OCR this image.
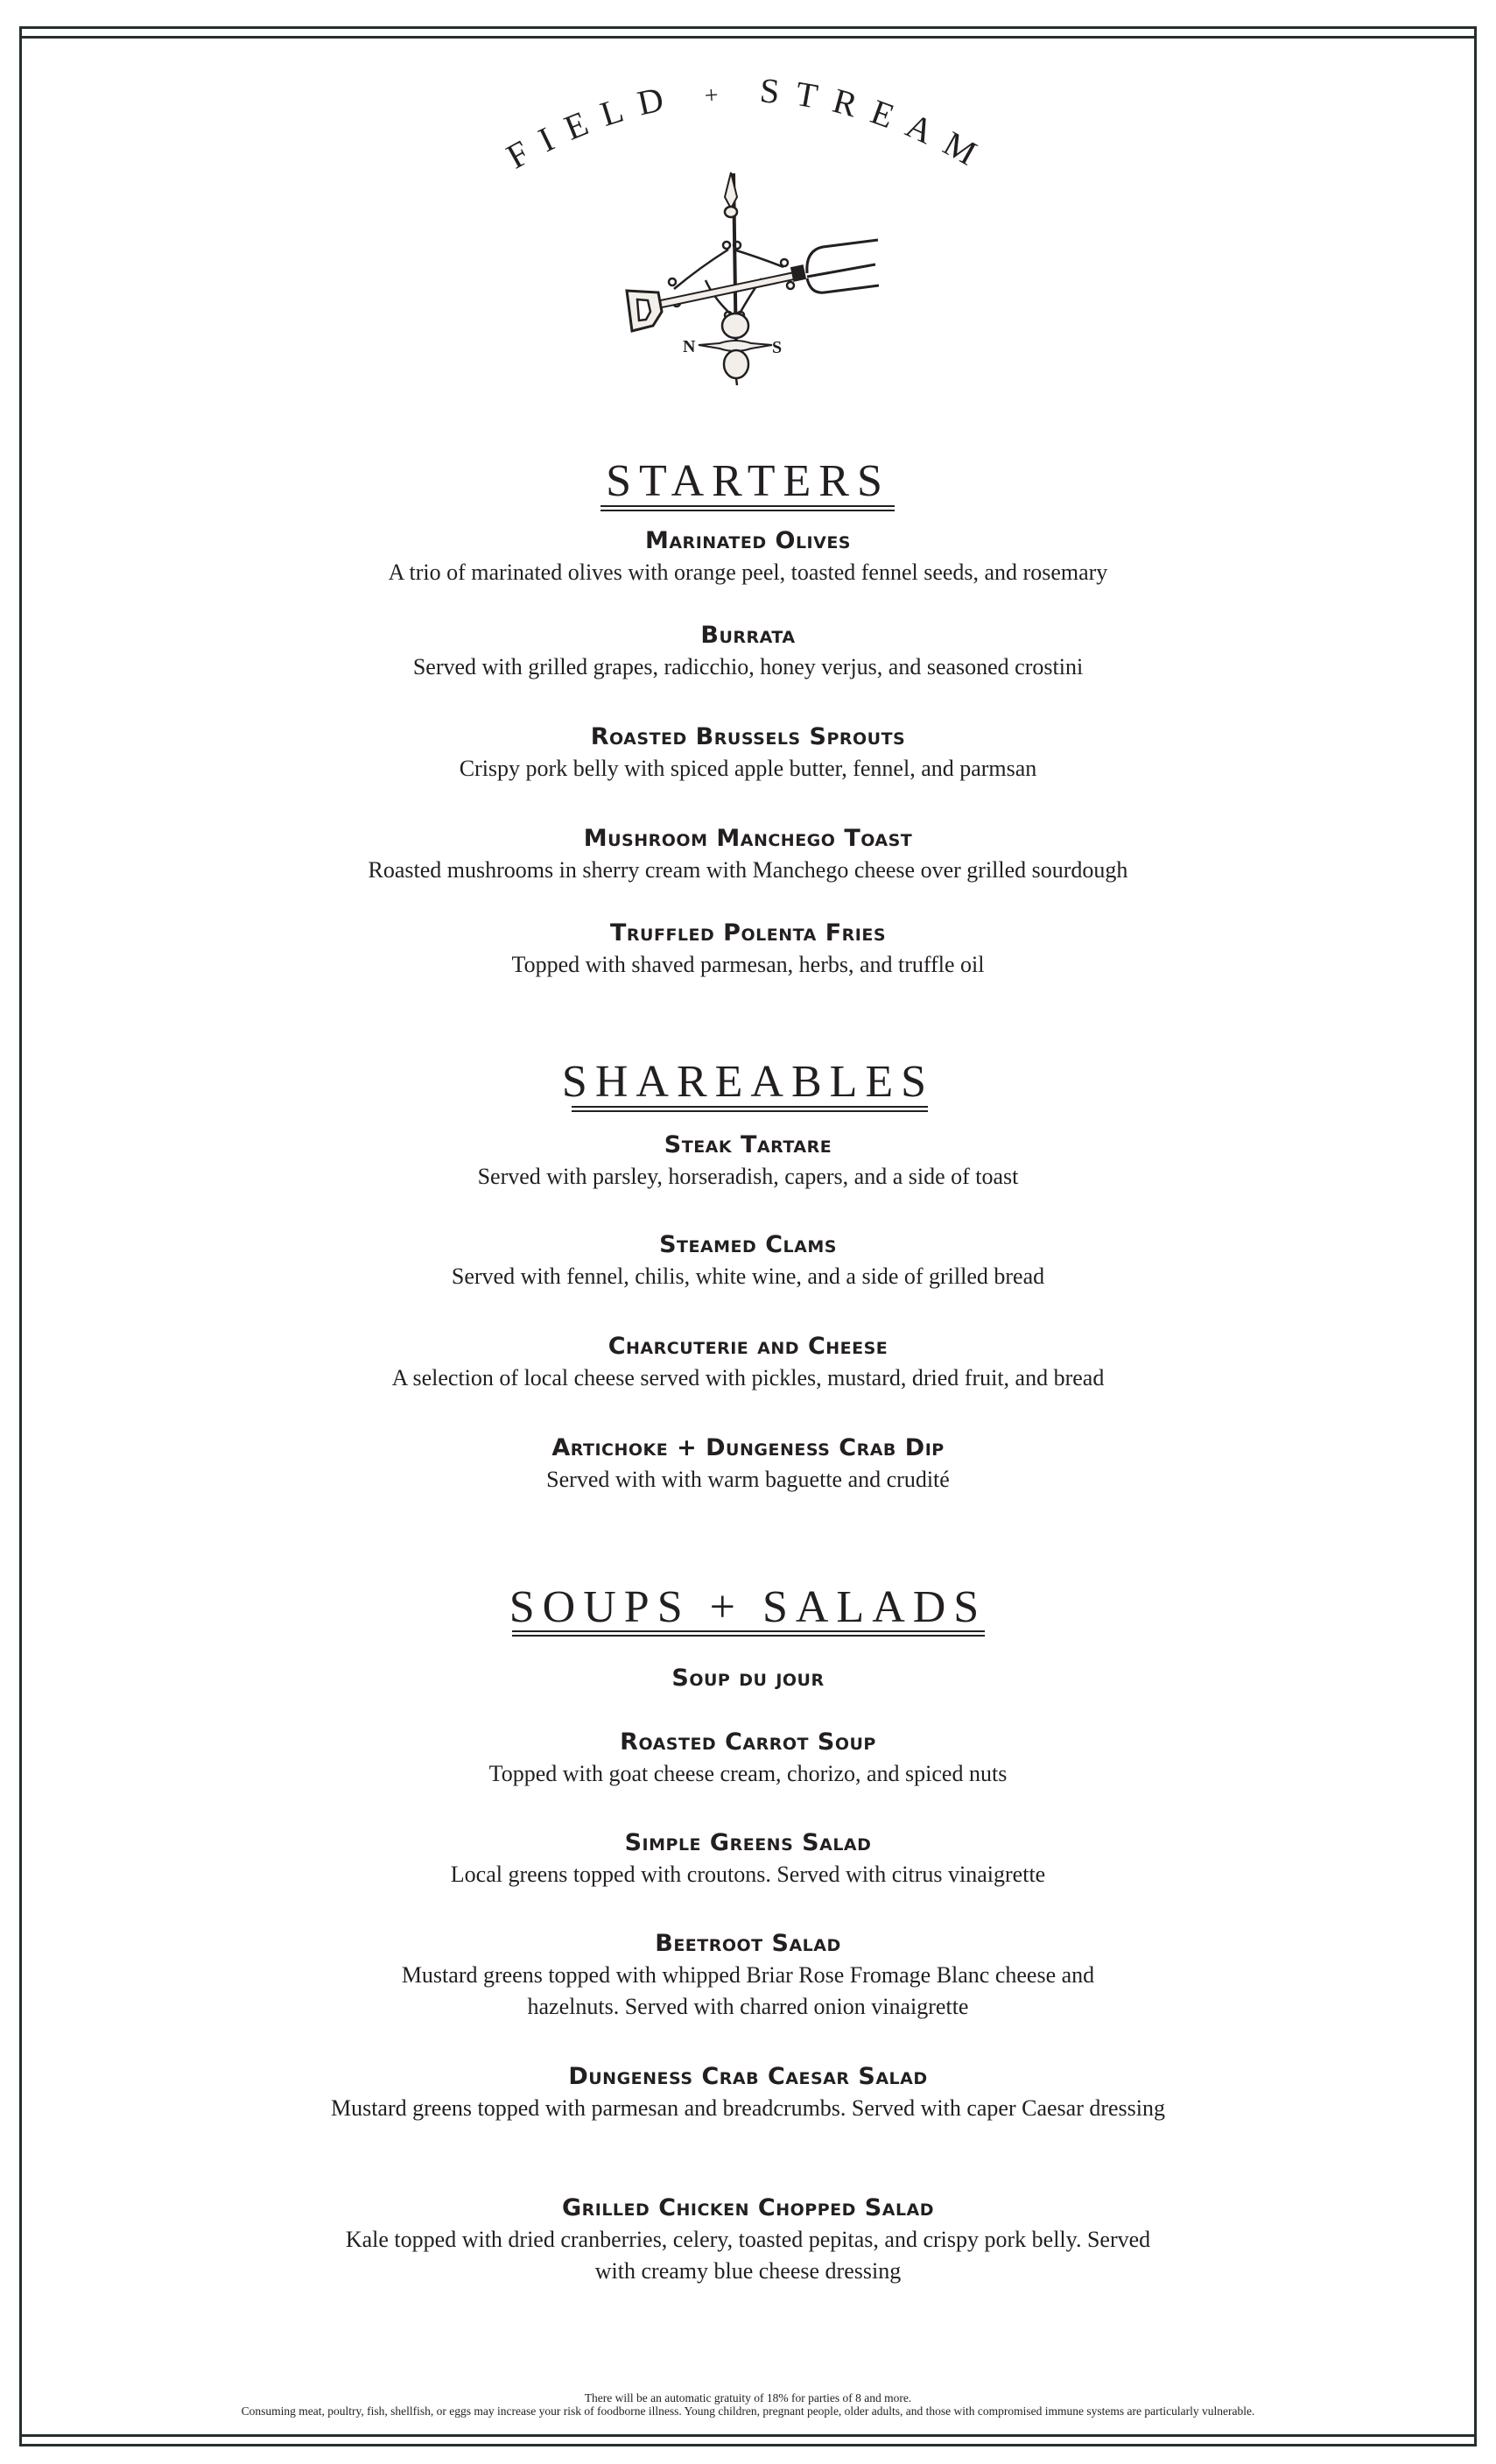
FIELD + STREAM
N	S
STARTERS
Marinated Olives
A trio of marinated olives with orange peel, toasted fennel seeds, and rosemary
Burrata
Served with grilled grapes, radicchio, honey verjus, and seasoned crostini
Roasted Brussels Sprouts
Crispy pork belly with spiced apple butter, fennel, and parmsan
Mushroom Manchego Toast
Roasted mushrooms in sherry cream with Manchego cheese over grilled sourdough
Truffled Polenta Fries
Topped with shaved parmesan, herbs, and truffle oil
SHAREABLES
Steak Tartare
Served with parsley, horseradish, capers, and a side of toast
Steamed Clams
Served with fennel, chilis, white wine, and a side of grilled bread
Charcuterie and Cheese
A selection of local cheese served with pickles, mustard, dried fruit, and bread
Artichoke + Dungeness Crab Dip
Served with with warm baguette and crudité
SOUPS + SALADS
Soup du jour
Roasted Carrot Soup
Topped with goat cheese cream, chorizo, and spiced nuts
Simple Greens Salad
Local greens topped with croutons. Served with citrus vinaigrette
Beetroot Salad
Mustard greens topped with whipped Briar Rose Fromage Blanc cheese and hazelnuts. Served with charred onion vinaigrette
Dungeness Crab Caesar Salad
Mustard greens topped with parmesan and breadcrumbs. Served with caper Caesar dressing
Grilled Chicken Chopped Salad
Kale topped with dried cranberries, celery, toasted pepitas, and crispy pork belly. Served with creamy blue cheese dressing
There will be an automatic gratuity of 18% for parties of 8 and more.
Consuming meat, poultry, fish, shellfish, or eggs may increase your risk of foodborne illness. Young children, pregnant people, older adults, and those with compromised immune systems are particularly vulnerable.
